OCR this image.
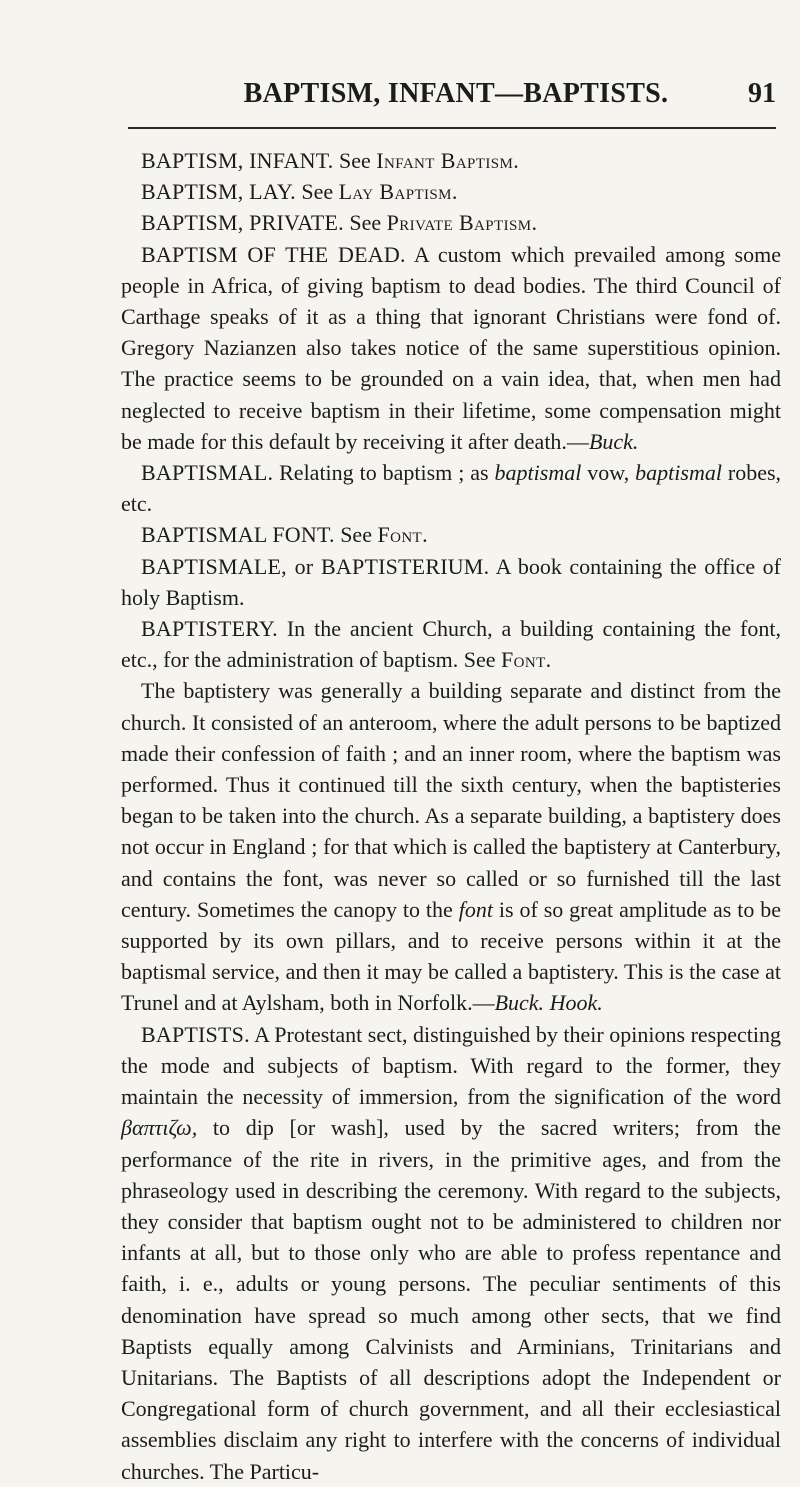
BAPTISM, INFANT—BAPTISTS.	91

BAPTISM, INFANT. See Infant Baptism.

BAPTISM, LAY. See Lay Baptism.

BAPTISM, PRIVATE. See Private Baptism.

BAPTISM OF THE DEAD. A custom which prevailed among some people in Africa, of giving baptism to dead bodies. The third Council of Carthage speaks of it as a thing that ignorant Christians were fond of. Gregory Nazianzen also takes notice of the same superstitious opinion. The practice seems to be grounded on a vain idea, that, when men had neglected to receive baptism in their lifetime, some compensation might be made for this default by receiving it after death.—Buck.

BAPTISMAL. Relating to baptism ; as baptismal vow, baptismal robes, etc.

BAPTISMAL FONT. See Font.

BAPTISMALE, or BAPTISTERIUM. A book containing the office of holy Baptism.

BAPTISTERY. In the ancient Church, a building containing the font, etc., for the administration of baptism. See Font.

The baptistery was generally a building separate and distinct from the church. It consisted of an anteroom, where the adult persons to be baptized made their confession of faith ; and an inner room, where the baptism was performed. Thus it continued till the sixth century, when the baptisteries began to be taken into the church. As a separate building, a baptistery does not occur in England ; for that which is called the baptistery at Canterbury, and contains the font, was never so called or so furnished till the last century. Sometimes the canopy to the font is of so great amplitude as to be supported by its own pillars, and to receive persons within it at the baptismal service, and then it may be called a baptistery. This is the case at Trunel and at Aylsham, both in Norfolk.—Buck. Hook.

BAPTISTS. A Protestant sect, distinguished by their opinions respecting the mode and subjects of baptism. With regard to the former, they maintain the necessity of immersion, from the signification of the word βαπτιζω, to dip [or wash], used by the sacred writers; from the performance of the rite in rivers, in the primitive ages, and from the phraseology used in describing the ceremony. With regard to the subjects, they consider that baptism ought not to be administered to children nor infants at all, but to those only who are able to profess repentance and faith, i. e., adults or young persons. The peculiar sentiments of this denomination have spread so much among other sects, that we find Baptists equally among Calvinists and Arminians, Trinitarians and Unitarians. The Baptists of all descriptions adopt the Independent or Congregational form of church government, and all their ecclesiastical assemblies disclaim any right to interfere with the concerns of individual churches. The Particu-
